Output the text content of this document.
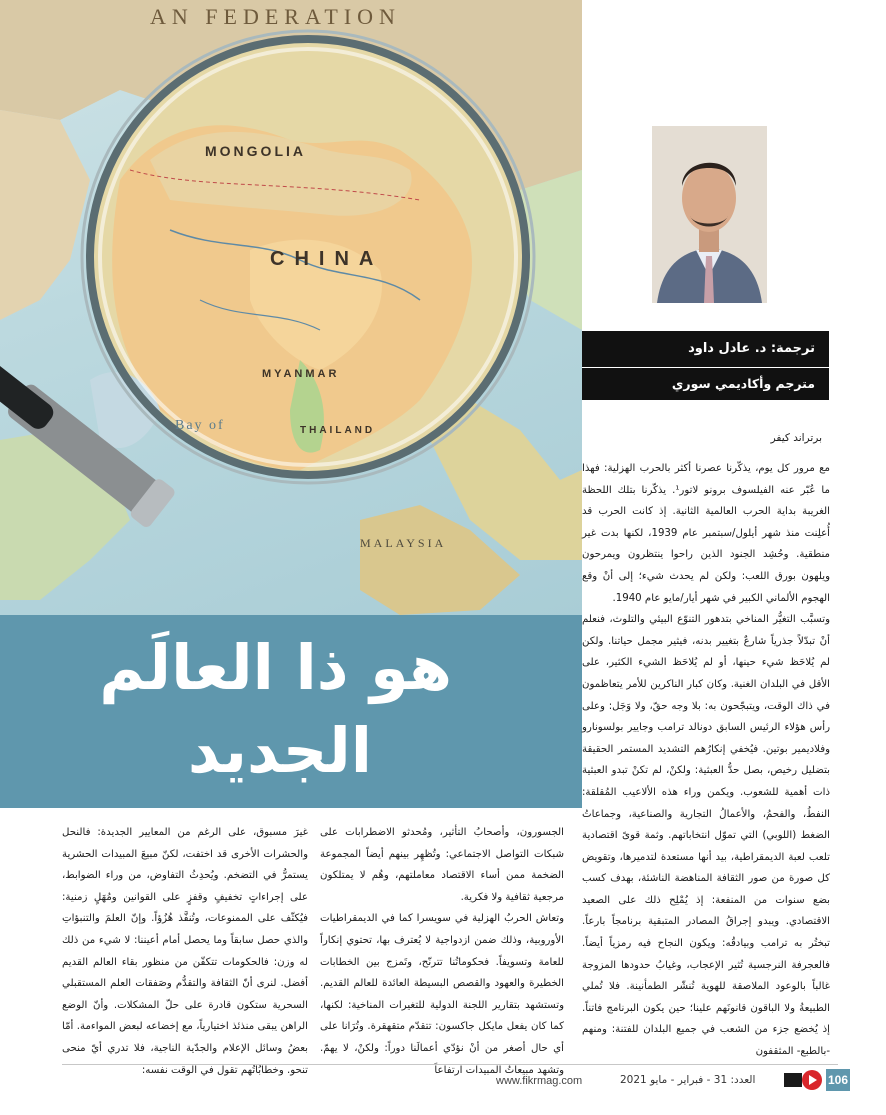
AN FEDERATION
MONGOLIA
CHINA
MYANMAR
THAILAND
MALAYSIA
Bay of
هو ذا العالَم
الجديد
ترجمة: د. عادل داود
مترجم وأكاديمي سوري
برتراند كيفر

مع مرور كل يوم، يذكّرنا عصرنا أكثر بالحرب الهزلية: فهذا ما عُبّر عنه الفيلسوف برونو لاتور¹. يذكّرنا بتلك اللحظة الغريبة بداية الحرب العالمية الثانية. إذ كانت الحرب قد أُعلِنت منذ شهر أيلول/سبتمبر عام 1939، لكنها بدت غير منطقية. وحُشِد الجنود الذين راحوا ينتظرون ويمرحون ويلهون بورق اللعب: ولكن لم يحدث شيء؛ إلى أنْ وقع الهجوم الألماني الكبير في شهر أيار/مايو عام 1940.

وتسبَّب التغيُّر المناخي بتدهور التنوّع البيئي والتلوث، فنعلم أنْ تبدّلاً جذرياً شارعٌ بتغيير بدنه، فيثير مجمل حياتنا. ولكن لم يُلاحَظ شيء حينها، أو لم يُلاحَظ الشيء الكثير، على الأقل في البلدان الغنية. وكان كبار الناكرين للأمر يتعاظمون في ذاك الوقت، ويتبجّحون به: بلا وجه حقّ، ولا وَجَل: وعلى رأس هؤلاء الرئيس السابق دونالد ترامب وجايير بولسونارو وفلاديمير بوتين. فيُخفي إنكارُهم التشديد المستمر الحقيقة بتضليل رخيص، بصل حدُّ العبثية: ولكنْ، لم تكنْ تبدو العبثية ذات أهمية للشعوب. ويكمن وراء هذه الألاعيب المُقلقة: النفطُ، والفحمُ، والأعمالُ التجارية والصناعية، وجماعاتُ الضغط (اللوبي) التي تموّل انتخاباتهم. وثمة قوىً اقتصادية تلعب لعبة الديمقراطية، بيد أنها مستعدة لتدميرها، وتقويض كل صورة من صور الثقافة المناهضة الناشئة، بهدف كسب بضع سنوات من المنفعة: إذ يُمْلِح ذلك على الصعيد الاقتصادي. ويبدو إجراقُ المصادر المتبقية برنامجاً بارعاً. تبختُر به ترامب وبيادقُه: ويكون النجاح فيه رمزياً أيضاً. فالعجرفة النرجسية تُثير الإعجاب، وغيابُ حدودها المزوجة غالباً بالوعود الملاصقة للهوية تُنشّر الطمأنينة. فلا تُملي الطبيعةُ ولا الباقون قانونَهم علينا؛ حين يكون البرنامج فاتناً. إذ يُخضع جزء من الشعب في جميع البلدان للفتنة: ومنهم -بالطبع- المثقفون

الجسورون، وأصحابُ التأثير، ومُحدثو الاضطرابات على شبكات التواصل الاجتماعي: وتُظهِر بينهم أيضاً المجموعة الضخمة ممن أساء الاقتصاد معاملتهم، وهُم لا يمتلكون مرجعية ثقافية ولا فكرية.

وتعاش الحربُ الهزلية في سويسرا كما في الديمقراطيات الأوروبية، وذلك ضمن ازدواجية لا يُعترف بها، تحتوي إنكاراً للعامة وتسويفاً. فحكوماتُنا تترنّح، وتَمزج بين الخطابات الخطيرة والعهود والقصص البسيطة العائدة للعالم القديم. وتستشهد بتقارير اللجنة الدولية للتغيرات المناخية: لكنها، كما كان يفعل مايكل جاكسون: تتقدّم متقهقرة. وتُرَانا على أي حال أصغر من أنْ نؤدّي أعمالَنا دوراً: ولكنْ، لا يهمّ. وتشهد مبيعاتُ المبيدات ارتفاعاً

غيرَ مسبوق، على الرغم من المعايير الجديدة: فالنحل والحشرات الأخرى قد اختفت، لكنّ مبيعَ المبيدات الحشرية يستمرُّ في التضخم. ويُحدِثُ التفاوض، من وراء الضوابط، على إجراءاتٍ تخفيفٍ وقفزٍ على القوانين ومُهَلٍ زمنية: فيُكثّف على الممنوعات، وتُنفَّذ هُزُؤاً. وإنّ العلمَ والتنبؤاتِ والذي حصل سابقاً وما يحصل أمام أعيننا: لا شيء من ذلك له وزن: فالحكومات تتكفّن من منظور بقاء العالم القديم أفضل. لنرى أنّ الثقافة والتقدُّم وصَفقات العلم المستقبلي السحرية ستكون قادرة على حلّ المشكلات. وأنّ الوضع الراهن يبقى منذئذ اختيارياً، مع إخضاعه لبعض المواءمة. أمّا بعضُ وسائل الإعلام والجدّية الناجية، فلا تدري أيّ منحى تنحو. وخطابُاتُهم تقول في الوقت نفسه:

www.fikrmag.com	العدد: 31 - فبراير - مايو 2021	106
